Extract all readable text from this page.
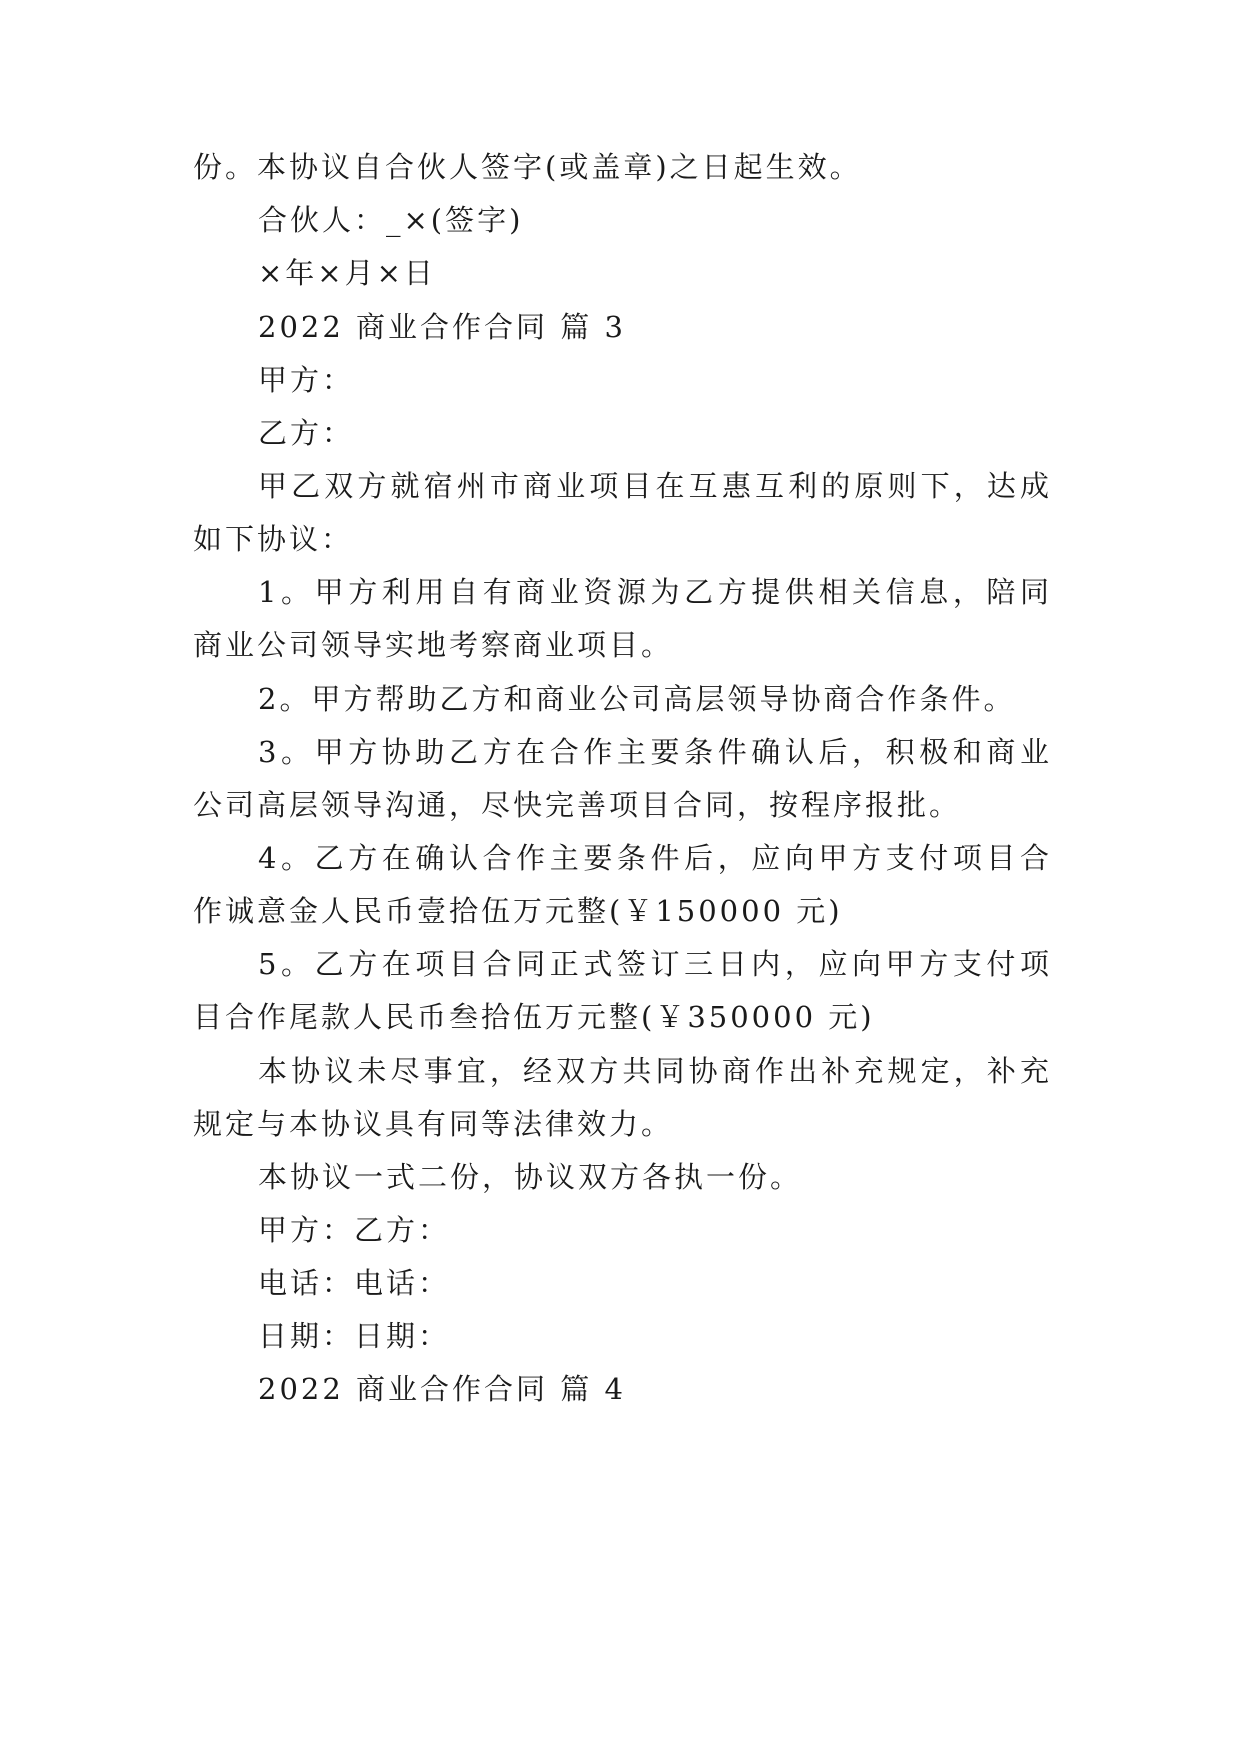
份。本协议自合伙人签字(或盖章)之日起生效。
合伙人：_×(签字)
×年×月×日
2022 商业合作合同 篇 3
甲方：
乙方：
甲乙双方就宿州市商业项目在互惠互利的原则下，达成
如下协议：
1。甲方利用自有商业资源为乙方提供相关信息，陪同
商业公司领导实地考察商业项目。
2。甲方帮助乙方和商业公司高层领导协商合作条件。
3。甲方协助乙方在合作主要条件确认后，积极和商业
公司高层领导沟通，尽快完善项目合同，按程序报批。
4。乙方在确认合作主要条件后，应向甲方支付项目合
作诚意金人民币壹拾伍万元整(￥150000 元)
5。乙方在项目合同正式签订三日内，应向甲方支付项
目合作尾款人民币叁拾伍万元整(￥350000 元)
本协议未尽事宜，经双方共同协商作出补充规定，补充
规定与本协议具有同等法律效力。
本协议一式二份，协议双方各执一份。
甲方：乙方：
电话：电话：
日期：日期：
2022 商业合作合同 篇 4
